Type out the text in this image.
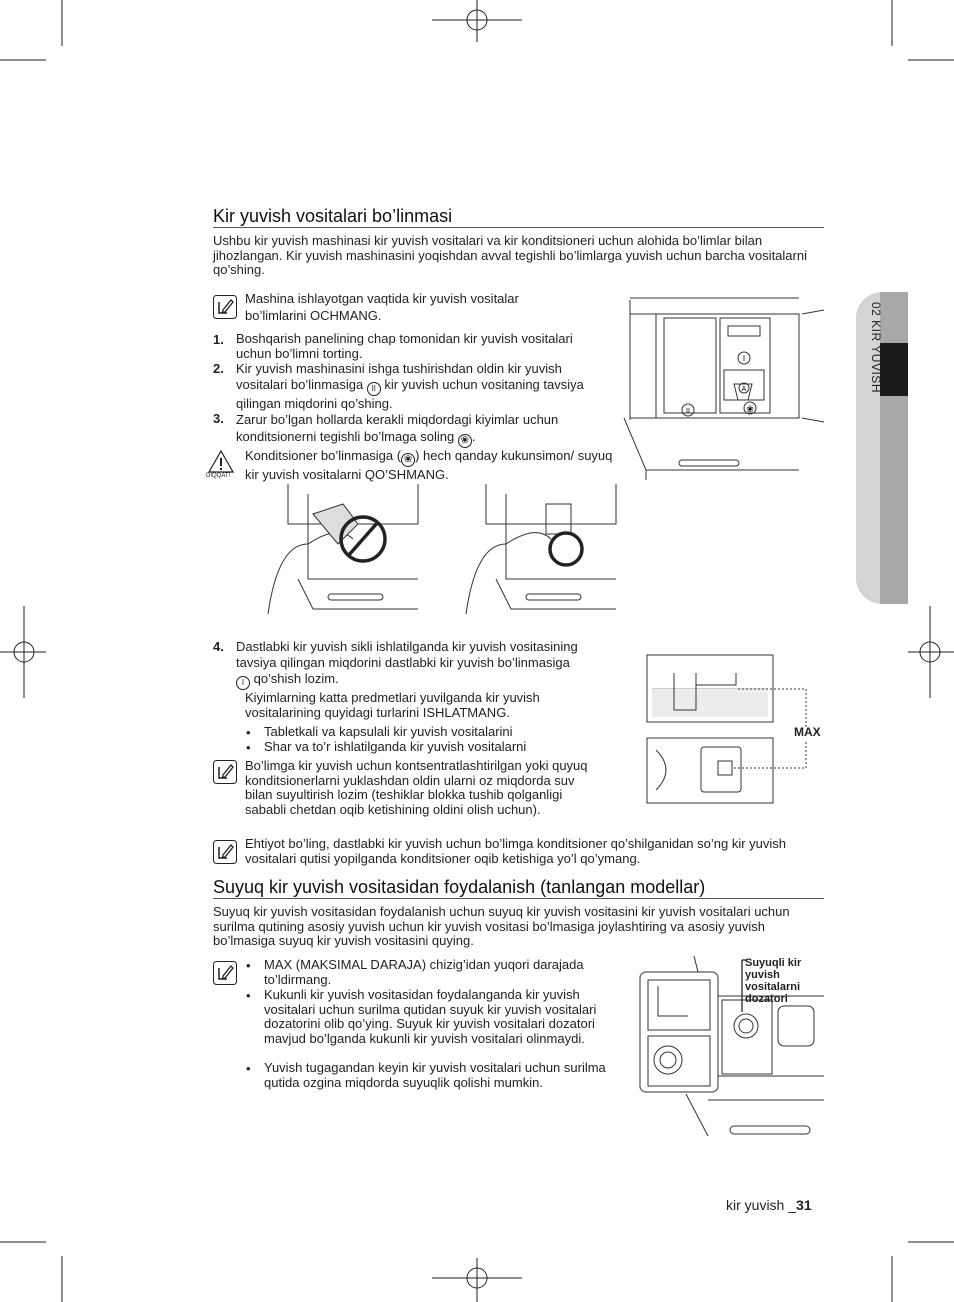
02 KIR YUVISH
Kir yuvish vositalari bo’linmasi
Ushbu kir yuvish mashinasi kir yuvish vositalari va kir konditsioneri uchun alohida bo’limlar bilan jihozlangan. Kir yuvish mashinasini yoqishdan avval tegishli bo’limlarga yuvish uchun barcha vositalarni qo’shing.
Mashina ishlayotgan vaqtida kir yuvish vositalar bo’limlarini OCHMANG.
1. Boshqarish panelining chap tomonidan kir yuvish vositalari uchun bo’limni torting.
2. Kir yuvish mashinasini ishga tushirishdan oldin kir yuvish vositalari bo’linmasiga II kir yuvish uchun vositaning tavsiya qilingan miqdorini qo’shing.
3. Zarur bo’lgan hollarda kerakli miqdordagi kiyimlar uchun konditsionerni tegishli bo’lmaga soling ❀ .
DIQQAT!
Konditsioner bo’linmasiga ( ❀ ) hech qanday kukunsimon/ suyuq kir yuvish vositalarni QO’SHMANG.
II
I
A
❀
4. Dastlabki kir yuvish sikli ishlatilganda kir yuvish vositasining tavsiya qilingan miqdorini dastlabki kir yuvish bo’linmasiga
I qo’shish lozim.
Kiyimlarning katta predmetlari yuvilganda kir yuvish vositalarining quyidagi turlarini ISHLATMANG.
• Tabletkali va kapsulali kir yuvish vositalarini
• Shar va to’r ishlatilganda kir yuvish vositalarni
MAX
Bo’limga kir yuvish uchun kontsentratlashtirilgan yoki quyuq konditsionerlarni yuklashdan oldin ularni oz miqdorda suv bilan suyultirish lozim (teshiklar blokka tushib qolganligi sababli chetdan oqib ketishining oldini olish uchun).
Ehtiyot bo’ling, dastlabki kir yuvish uchun bo’limga konditsioner qo’shilganidan so’ng kir yuvish vositalari qutisi yopilganda konditsioner oqib ketishiga yo’l qo’ymang.
Suyuq kir yuvish vositasidan foydalanish (tanlangan modellar)
Suyuq kir yuvish vositasidan foydalanish uchun suyuq kir yuvish vositasini kir yuvish vositalari uchun surilma qutining asosiy yuvish uchun kir yuvish vositasi bo’lmasiga joylashtiring va asosiy yuvish bo’lmasiga suyuq kir yuvish vositasini quying.
• MAX (MAKSIMAL DARAJA) chizig’idan yuqori darajada to’ldirmang.
• Kukunli kir yuvish vositasidan foydalanganda kir yuvish vositalari uchun surilma qutidan suyuk kir yuvish vositalari dozatorini olib qo’ying. Suyuk kir yuvish vositalari dozatori mavjud bo’lganda kukunli kir yuvish vositalari olinmaydi.
• Yuvish tugagandan keyin kir yuvish vositalari uchun surilma qutida ozgina miqdorda suyuqlik qolishi mumkin.
Suyuqli kir yuvish vositalarni dozatori
kir yuvish _31
